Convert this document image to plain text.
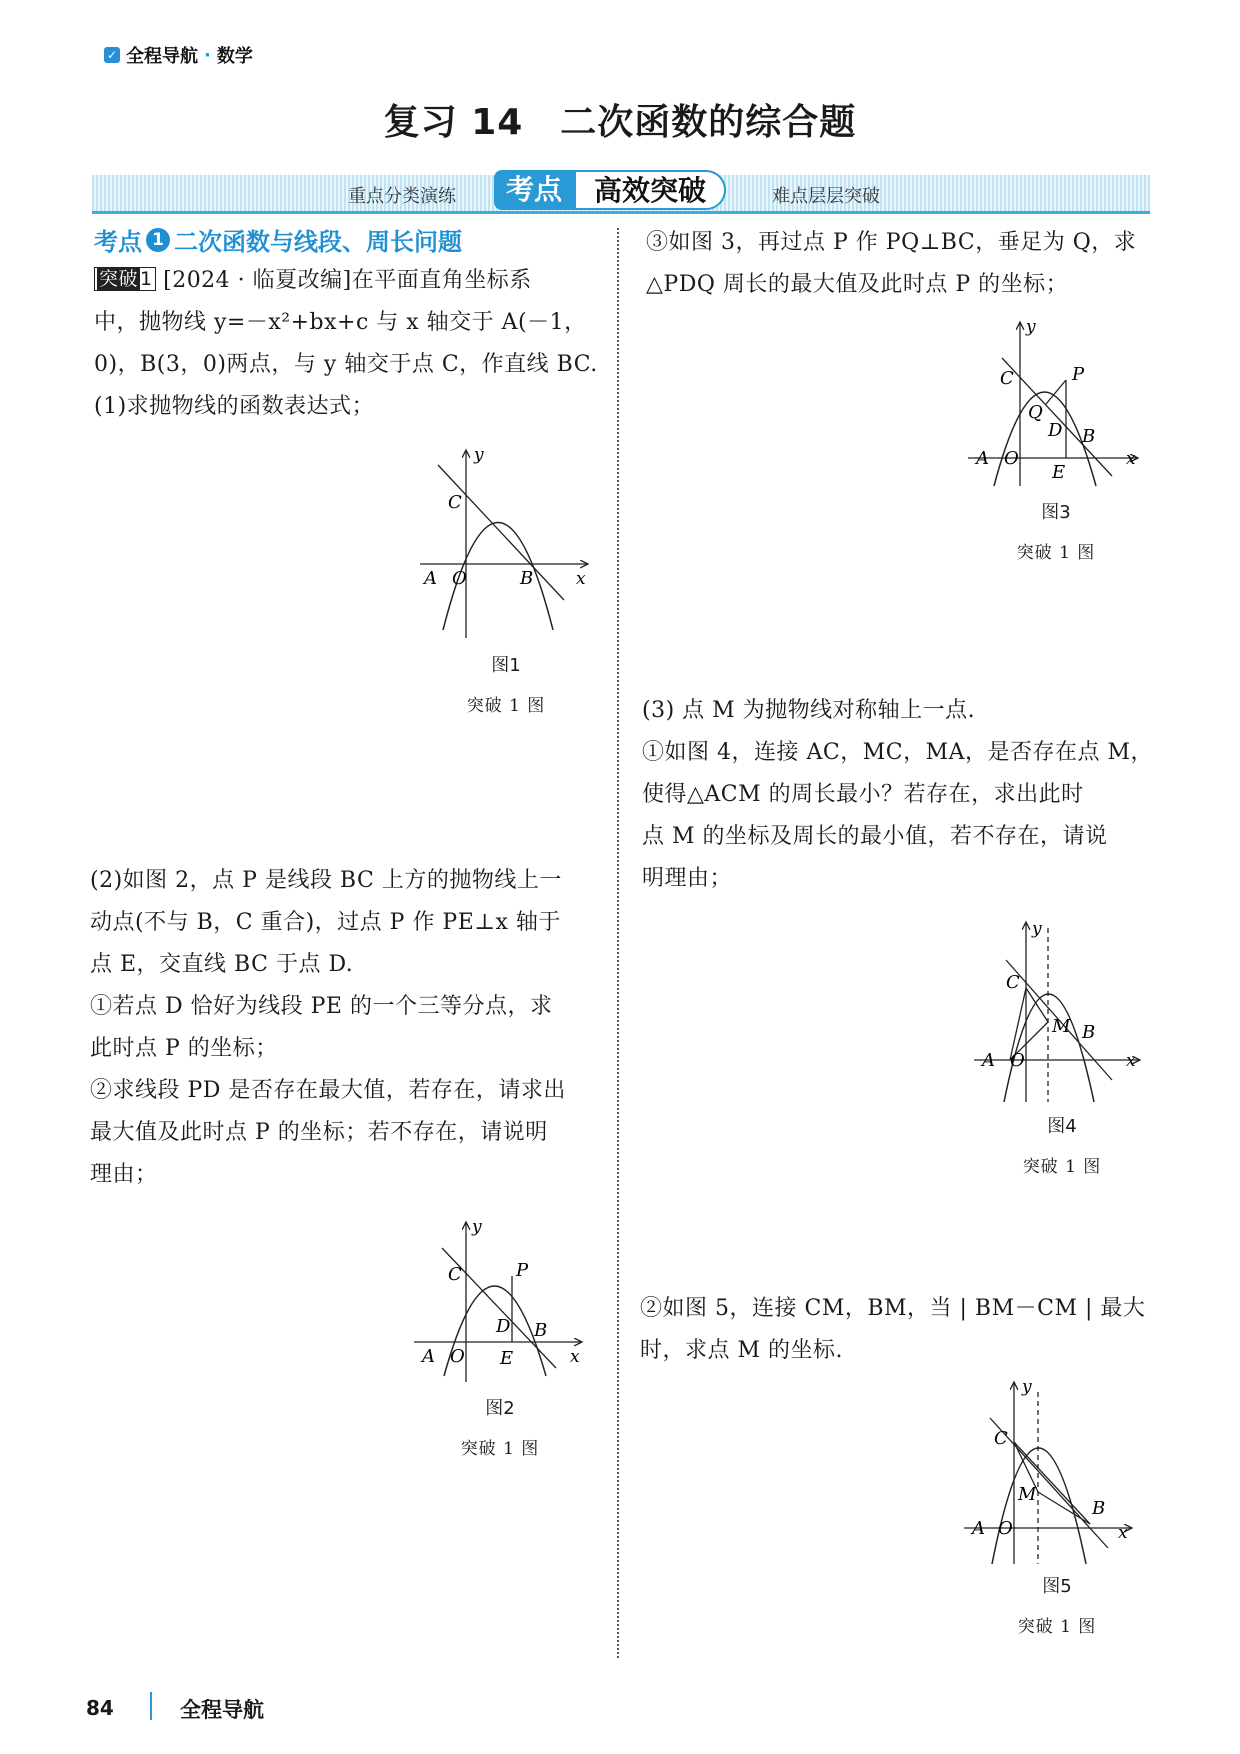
✓ 全程导航 · 数学
复习 14　二次函数的综合题
重点分类演练	考点	高效突破	难点层层突破
考点 1 二次函数与线段、周长问题
突破 1 [2024 · 临夏改编]在平面直角坐标系
中，抛物线 y=－x²+bx+c 与 x 轴交于 A(－1，
0)，B(3，0)两点，与 y 轴交于点 C，作直线 BC.
(1)求抛物线的函数表达式；
(2)如图 2，点 P 是线段 BC 上方的抛物线上一
动点(不与 B，C 重合)，过点 P 作 PE⊥x 轴于
点 E，交直线 BC 于点 D.
①若点 D 恰好为线段 PE 的一个三等分点，求
此时点 P 的坐标；
②求线段 PD 是否存在最大值，若存在，请求出
最大值及此时点 P 的坐标；若不存在，请说明
理由；
③如图 3，再过点 P 作 PQ⊥BC，垂足为 Q，求
△PDQ 周长的最大值及此时点 P 的坐标；
(3) 点 M 为抛物线对称轴上一点.
①如图 4，连接 AC，MC，MA，是否存在点 M，
使得△ACM 的周长最小？若存在，求出此时
点 M 的坐标及周长的最小值，若不存在，请说
明理由；
②如图 5，连接 CM，BM，当 | BM－CM | 最大
时，求点 M 的坐标.
y
C
A O	B	x
图1
突破 1 图
y
C	P
D B
A O E	x
图2
突破 1 图
y
C	P
Q
D B
A O
E
x
图3
突破 1 图
y
C
M B
A O	x
图4
突破 1 图
y
C
M
B
A O	x
图5
突破 1 图
84	全程导航
